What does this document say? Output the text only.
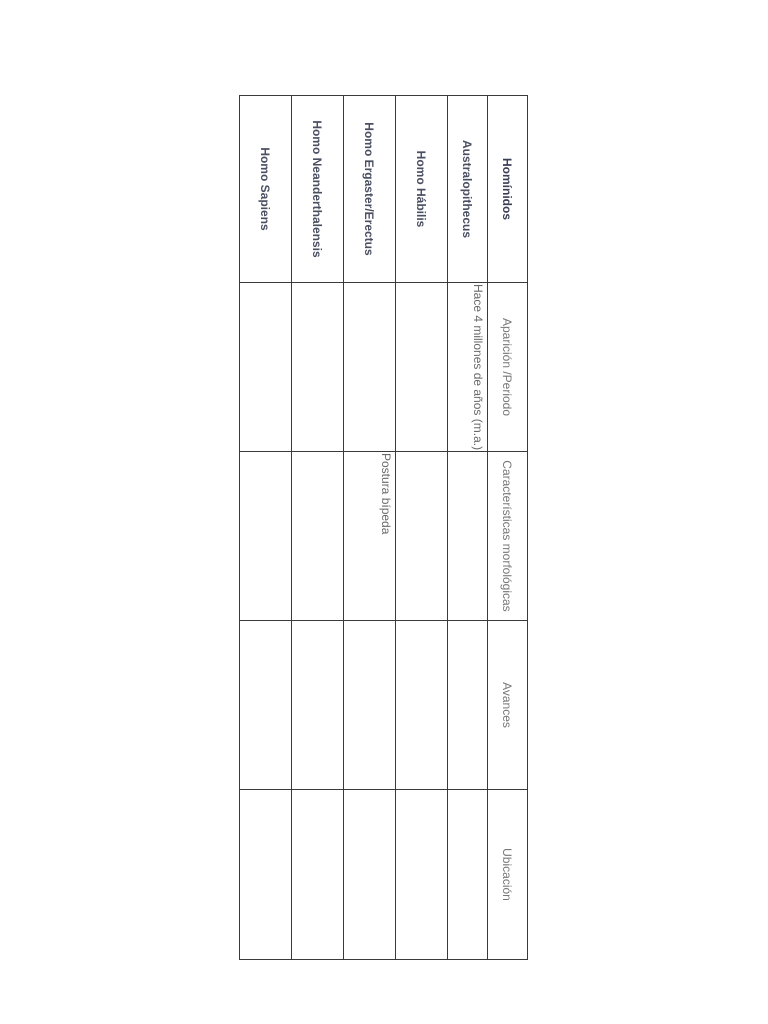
Homínidos	Aparición /Periodo	Características morfológicas	Avances	Ubicación
Australopithecus	Hace 4 millones de años (m.a.)			
Homo Hábilis				
Homo Ergaster/Erectus		Postura bípeda		
Homo Neanderthalensis				
Homo Sapiens				
